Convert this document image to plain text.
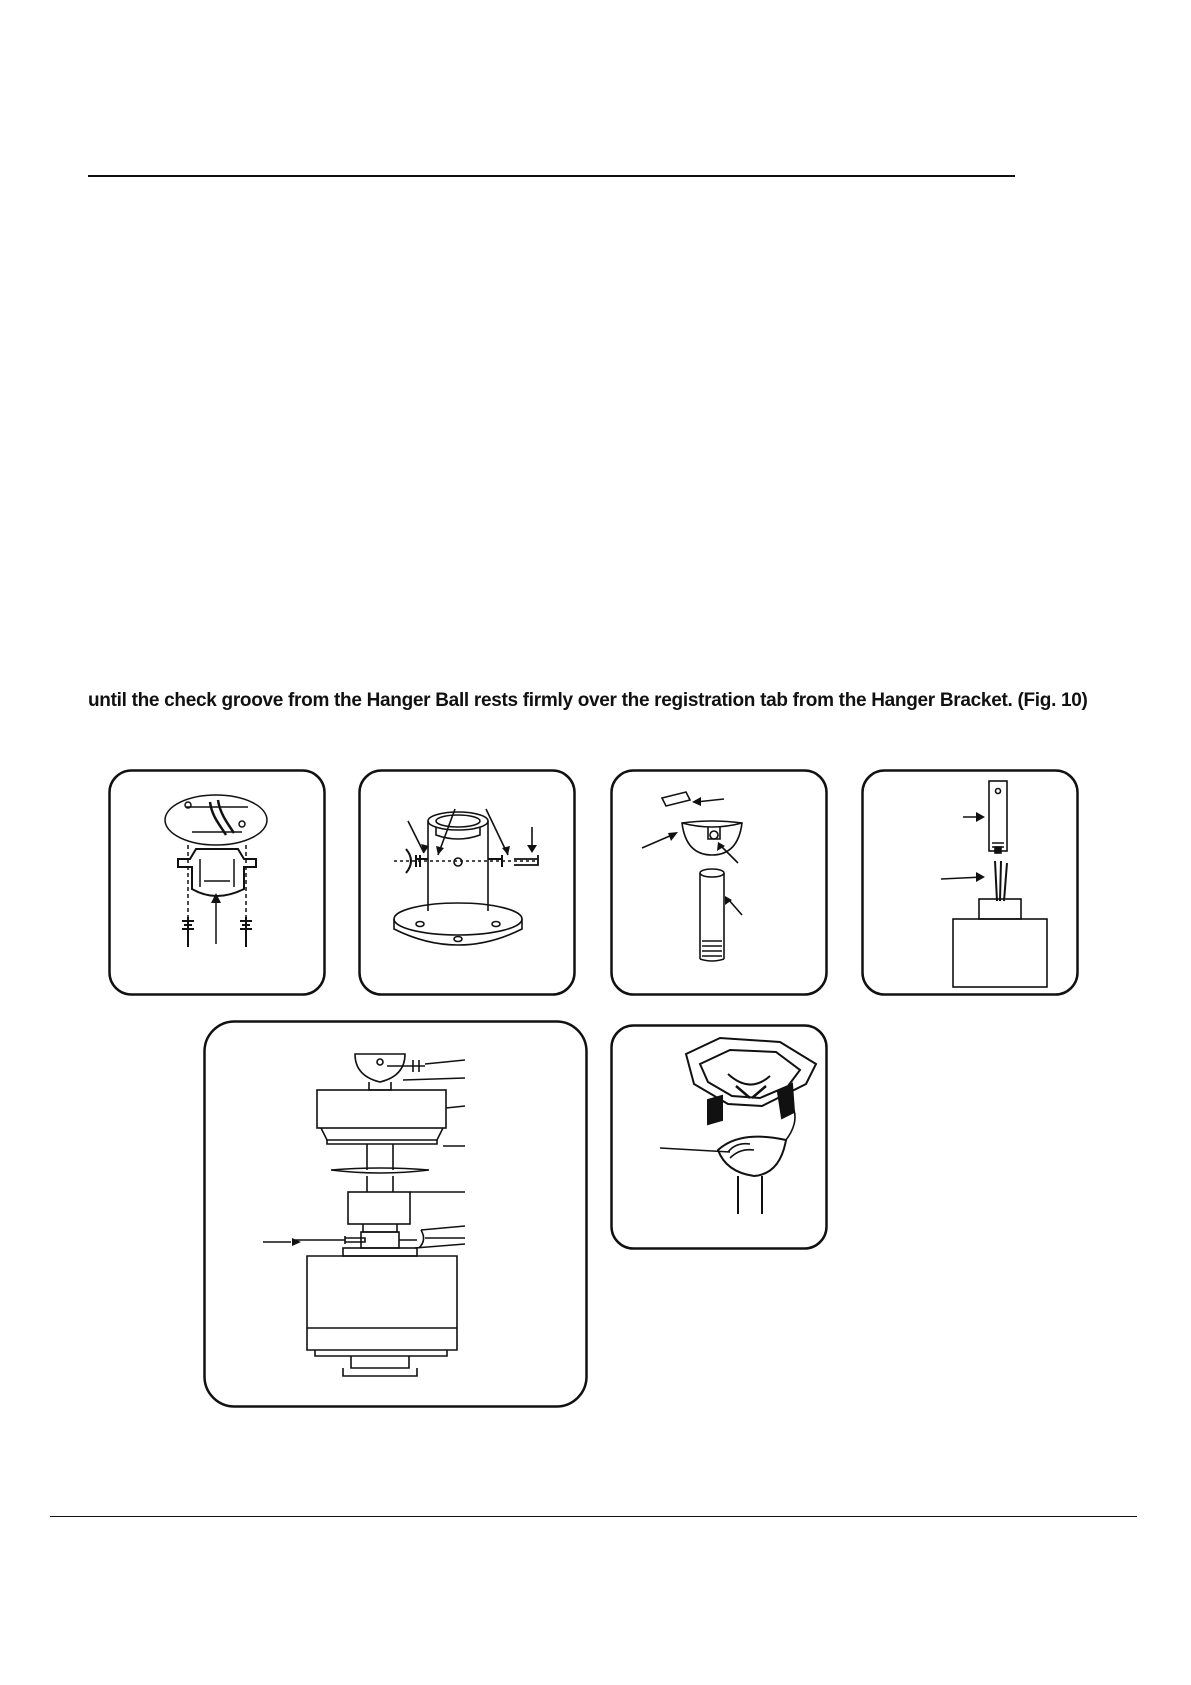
until the check groove from the Hanger Ball rests firmly over the registration tab from the Hanger Bracket. (Fig. 10)
